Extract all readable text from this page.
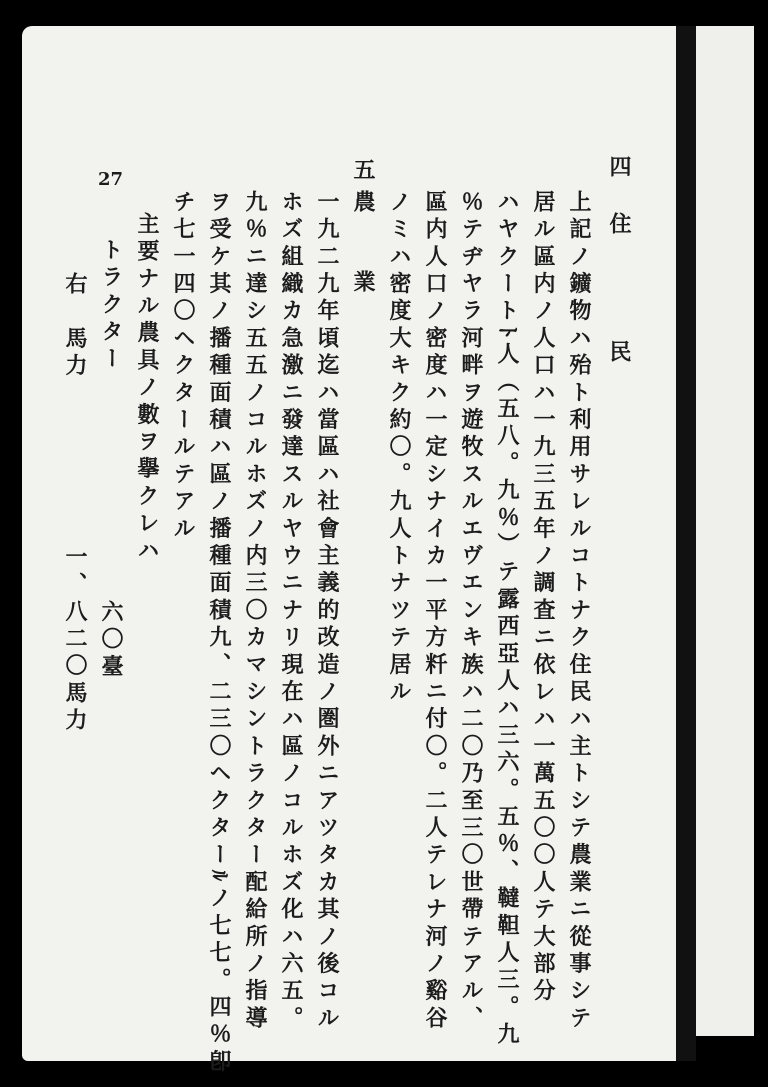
27	四
住　民
上記ノ鑛物ハ殆ト利用サレルコトナク住民ハ主トシテ農業ニ從事シテ
居ル區内ノ人口ハ一九三五年ノ調査ニ依レハ一萬五〇〇人テ大部分
ハヤクートﾄ人（五八。九％）テ露西亞人ハ三六。五％、韃靼人三。九
％テヂヤラ河畔ヲ遊牧スルエヴエンキ族ハ二〇乃至三〇世帶テアル、
區内人口ノ密度ハ一定シナイカ一平方粁ニ付〇。二人テレナ河ノ谿谷
ノミハ密度大キク約〇。九人トナツテ居ル
五
農　業
一九二九年頃迄ハ當區ハ社會主義的改造ノ圏外ニアツタカ其ノ後コル
ホズ組織カ急激ニ發達スルヤウニナリ現在ハ區ノコルホズ化ハ六五。
九％ニ達シ五五ノコルホズノ内三〇カマシントラクター配給所ノ指導
ヲ受ケ其ノ播種面積ハ區ノ播種面積九、二三〇ヘクターﾙノ七七。四％卽
チ七一四〇ヘクタールテアル
主要ナル農具ノ數ヲ擧クレハ
トラクター
六〇臺
右　馬力
一、八二〇馬力
